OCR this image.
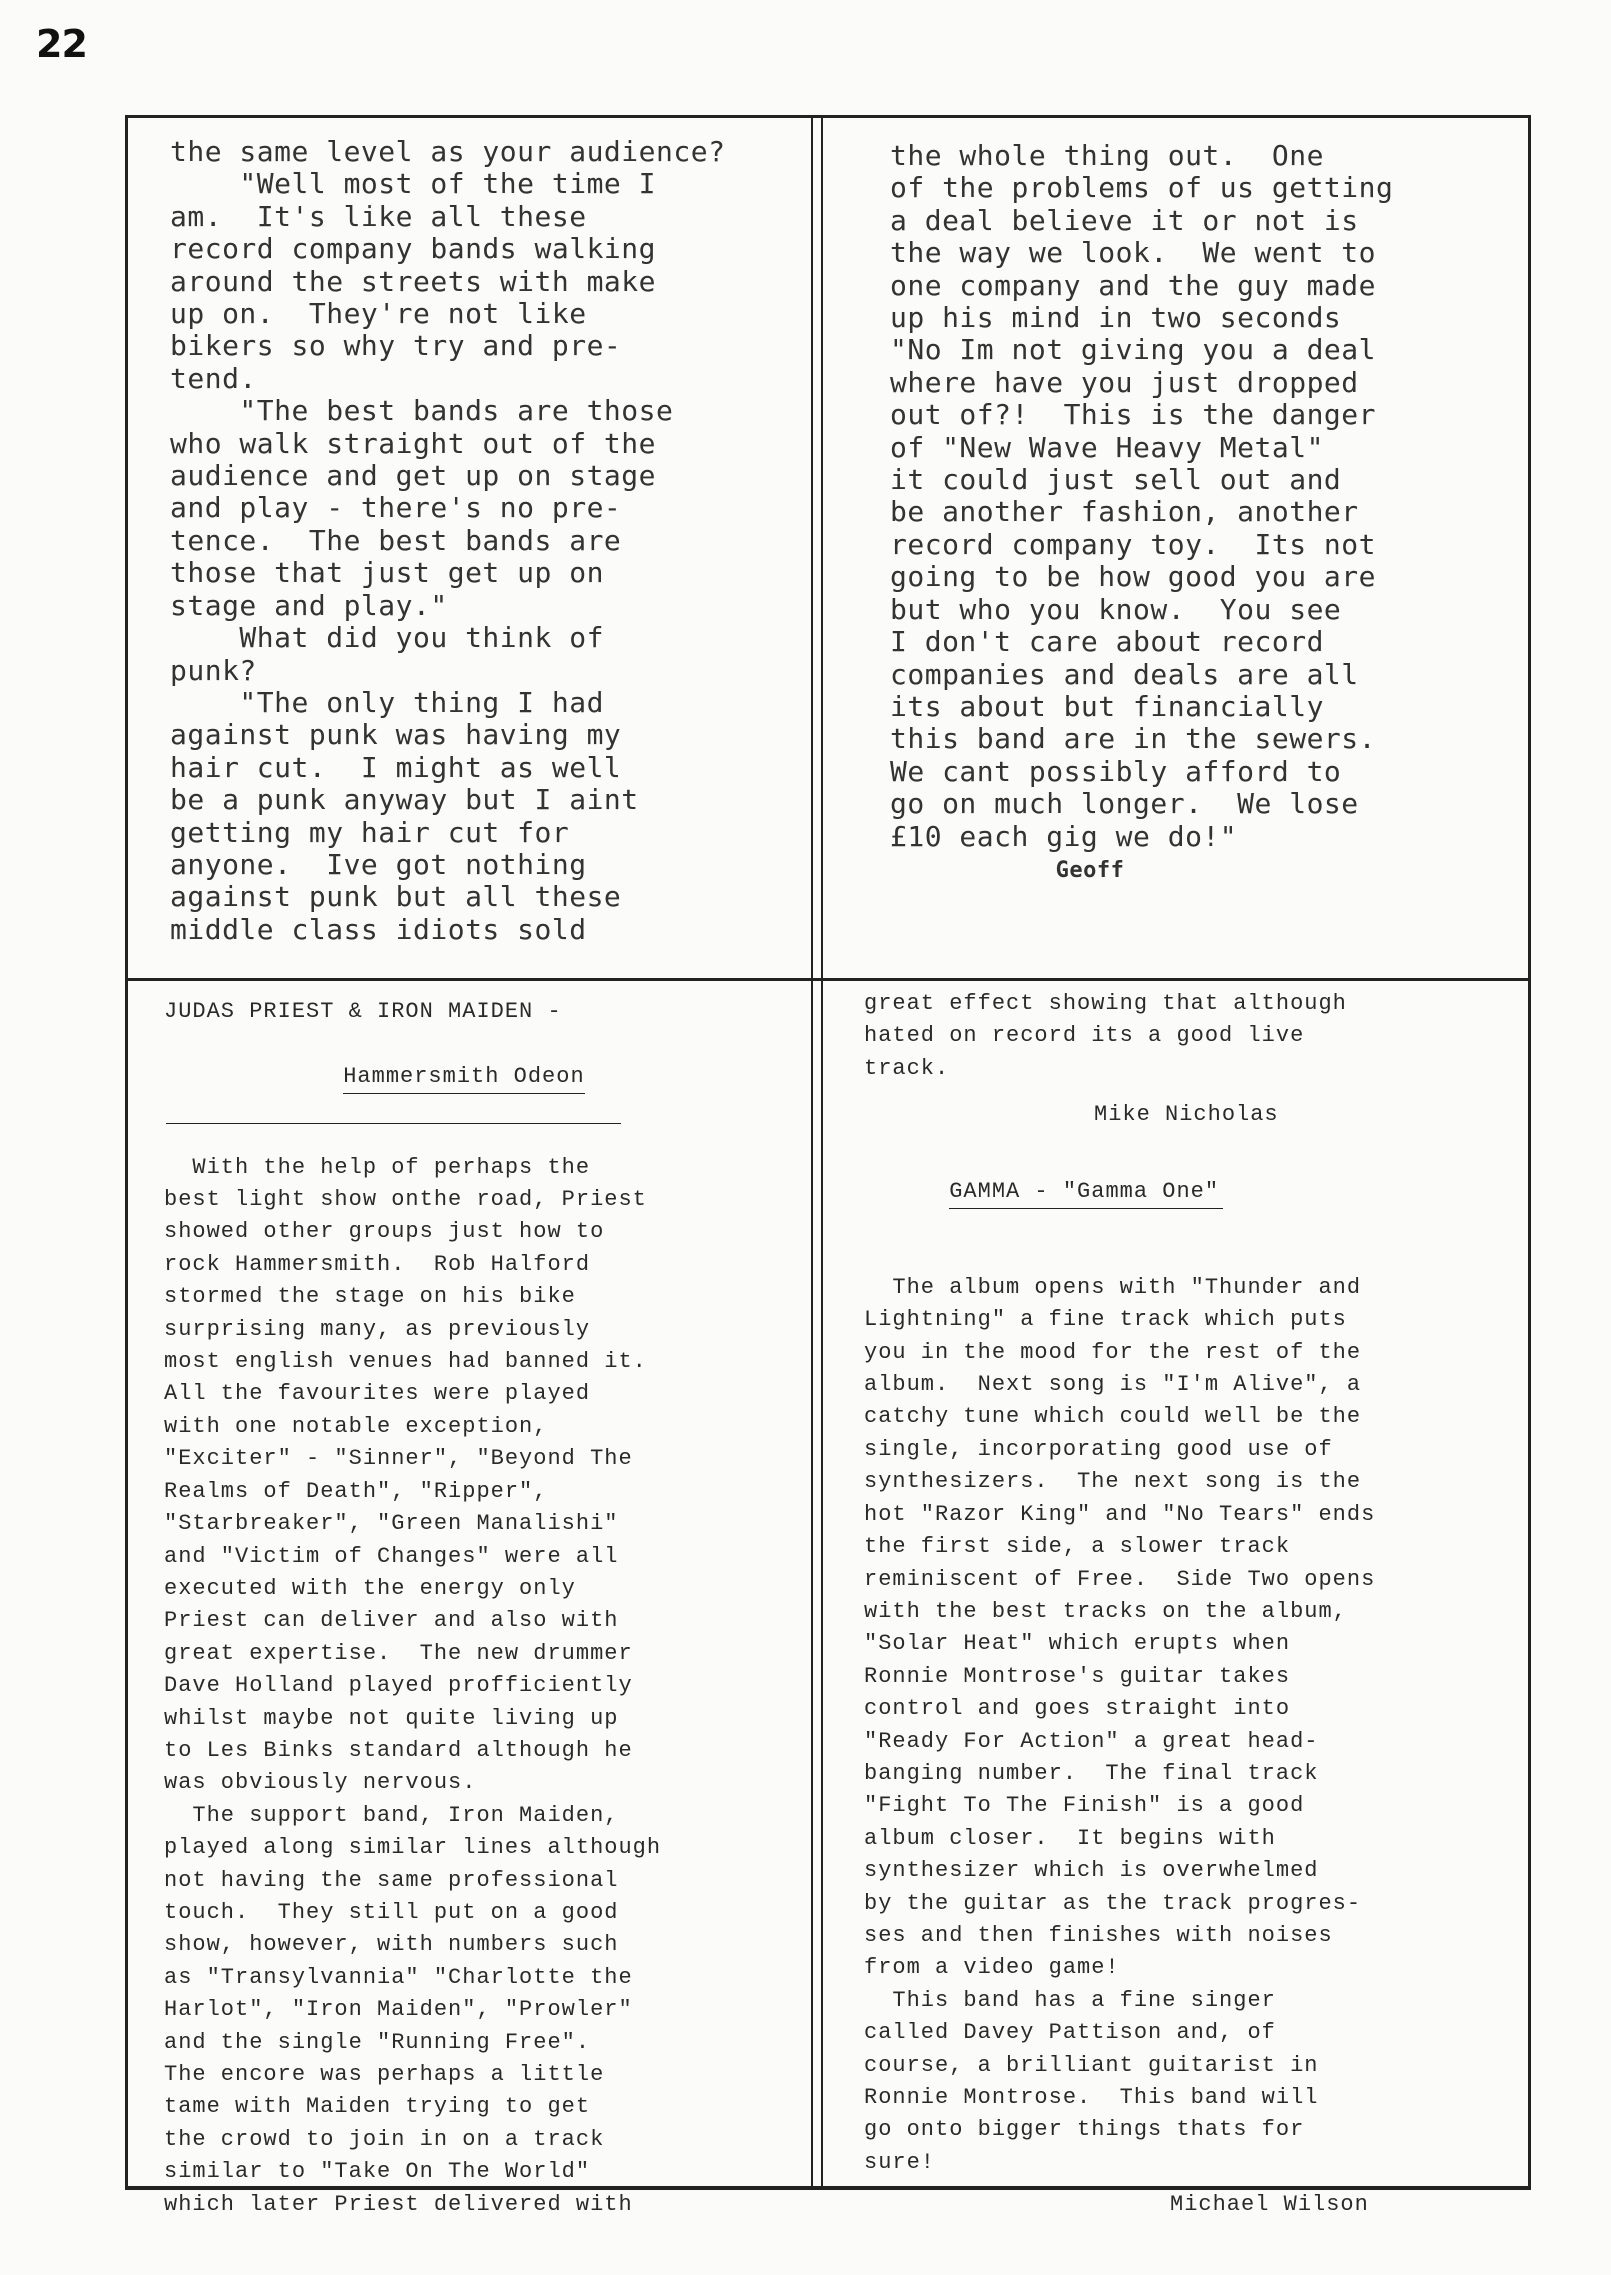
22
the same level as your audience?
"Well most of the time I
am.  It's like all these
record company bands walking
around the streets with make
up on.  They're not like
bikers so why try and pre-
tend.
"The best bands are those
who walk straight out of the
audience and get up on stage
and play - there's no pre-
tence.  The best bands are
those that just get up on
stage and play."
What did you think of
punk?
"The only thing I had
against punk was having my
hair cut.  I might as well
be a punk anyway but I aint
getting my hair cut for
anyone.  Ive got nothing
against punk but all these
middle class idiots sold
the whole thing out.  One
of the problems of us getting
a deal believe it or not is
the way we look.  We went to
one company and the guy made
up his mind in two seconds
"No Im not giving you a deal
where have you just dropped
out of?!  This is the danger
of "New Wave Heavy Metal"
it could just sell out and
be another fashion, another
record company toy.  Its not
going to be how good you are
but who you know.  You see
I don't care about record
companies and deals are all
its about but financially
this band are in the sewers.
We cant possibly afford to
go on much longer.  We lose
£10 each gig we do!"
Geoff
JUDAS PRIEST & IRON MAIDEN -

Hammersmith Odeon

With the help of perhaps the
best light show onthe road, Priest
showed other groups just how to
rock Hammersmith.  Rob Halford
stormed the stage on his bike
surprising many, as previously
most english venues had banned it.
All the favourites were played
with one notable exception,
"Exciter" - "Sinner", "Beyond The
Realms of Death", "Ripper",
"Starbreaker", "Green Manalishi"
and "Victim of Changes" were all
executed with the energy only
Priest can deliver and also with
great expertise.  The new drummer
Dave Holland played profficiently
whilst maybe not quite living up
to Les Binks standard although he
was obviously nervous.
The support band, Iron Maiden,
played along similar lines although
not having the same professional
touch.  They still put on a good
show, however, with numbers such
as "Transylvannia" "Charlotte the
Harlot", "Iron Maiden", "Prowler"
and the single "Running Free".
The encore was perhaps a little
tame with Maiden trying to get
the crowd to join in on a track
similar to "Take On The World"
which later Priest delivered with
great effect showing that although
hated on record its a good live
track.
Mike Nicholas

GAMMA - "Gamma One"

The album opens with "Thunder and
Lightning" a fine track which puts
you in the mood for the rest of the
album.  Next song is "I'm Alive", a
catchy tune which could well be the
single, incorporating good use of
synthesizers.  The next song is the
hot "Razor King" and "No Tears" ends
the first side, a slower track
reminiscent of Free.  Side Two opens
with the best tracks on the album,
"Solar Heat" which erupts when
Ronnie Montrose's guitar takes
control and goes straight into
"Ready For Action" a great head-
banging number.  The final track
"Fight To The Finish" is a good
album closer.  It begins with
synthesizer which is overwhelmed
by the guitar as the track progres-
ses and then finishes with noises
from a video game!
This band has a fine singer
called Davey Pattison and, of
course, a brilliant guitarist in
Ronnie Montrose.  This band will
go onto bigger things thats for
sure!
Michael Wilson
